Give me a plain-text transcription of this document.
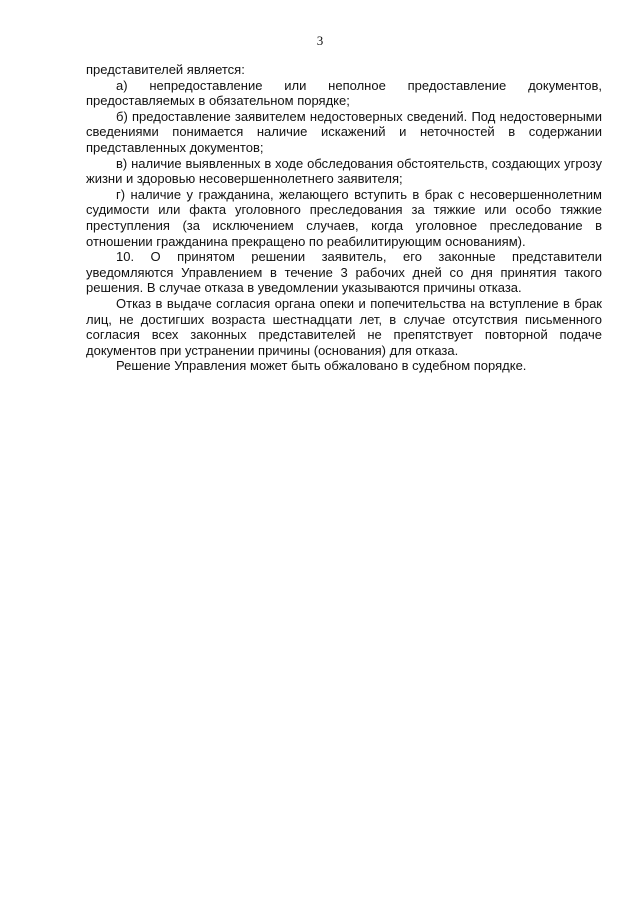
3

представителей является:

а) непредоставление или неполное предоставление документов, предоставляемых в обязательном порядке;

б) предоставление заявителем недостоверных сведений. Под недостоверными сведениями понимается наличие искажений и неточностей в содержании представленных документов;

в) наличие выявленных в ходе обследования обстоятельств, создающих угрозу жизни и здоровью несовершеннолетнего заявителя;

г) наличие у гражданина, желающего вступить в брак с несовершеннолетним судимости или факта уголовного преследования за тяжкие или особо тяжкие преступления (за исключением случаев, когда уголовное преследование в отношении гражданина прекращено по реабилитирующим основаниям).

10. О принятом решении заявитель, его законные представители уведомляются Управлением в течение 3 рабочих дней со дня принятия такого решения. В случае отказа в уведомлении указываются причины отказа.

Отказ в выдаче согласия органа опеки и попечительства на вступление в брак лиц, не достигших возраста шестнадцати лет, в случае отсутствия письменного согласия всех законных представителей не препятствует повторной подаче документов при устранении причины (основания) для отказа.

Решение Управления может быть обжаловано в судебном порядке.
